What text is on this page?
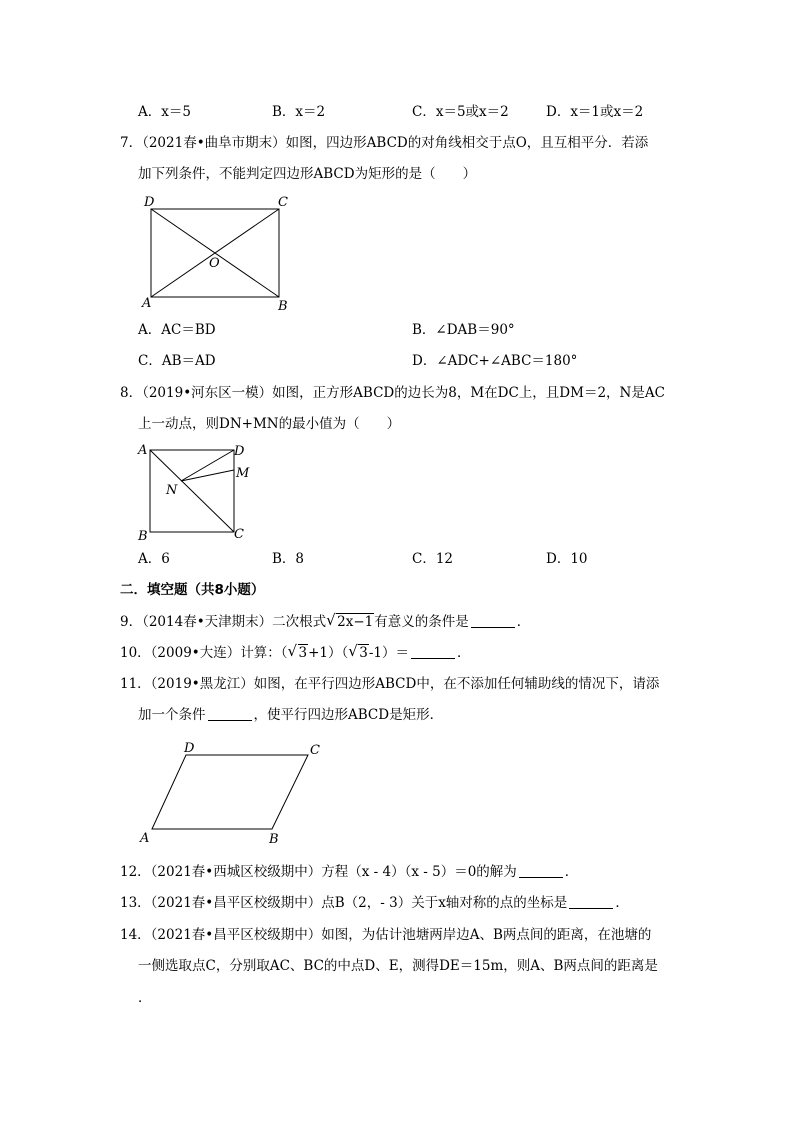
A．x＝5	B．x＝2	C．x＝5或x＝2	D．x＝1或x＝2
7．（2021春•曲阜市期末）如图，四边形ABCD的对角线相交于点O，且互相平分．若添
加下列条件，不能判定四边形ABCD为矩形的是（　　）
A	B
C
D
O
A．AC＝BD	B．∠DAB＝90°
C．AB＝AD	D．∠ADC+∠ABC＝180°
8．（2019•河东区一模）如图，正方形ABCD的边长为8，M在DC上，且DM＝2，N是AC
上一动点，则DN+MN的最小值为（　　）
A
B	C
D
M
N
A．6	B．8	C．12	D．10
二．填空题（共8小题）
9．（2014春•天津期末）二次根式 √ 2x−1有意义的条件是	．
10．（2009•大连）计算：（ √ 3+1）（ √ 3-1）＝	．
11．（2019•黑龙江）如图，在平行四边形ABCD中，在不添加任何辅助线的情况下，请添
加一个条件	，使平行四边形ABCD是矩形．
A	B
C
D
12．（2021春•西城区校级期中）方程（x - 4）（x - 5）＝0的解为	．
13．（2021春•昌平区校级期中）点B（2，- 3）关于x轴对称的点的坐标是	．
14．（2021春•昌平区校级期中）如图，为估计池塘两岸边A、B两点间的距离，在池塘的
一侧选取点C，分别取AC、BC的中点D、E，测得DE＝15m，则A、B两点间的距离是
．
